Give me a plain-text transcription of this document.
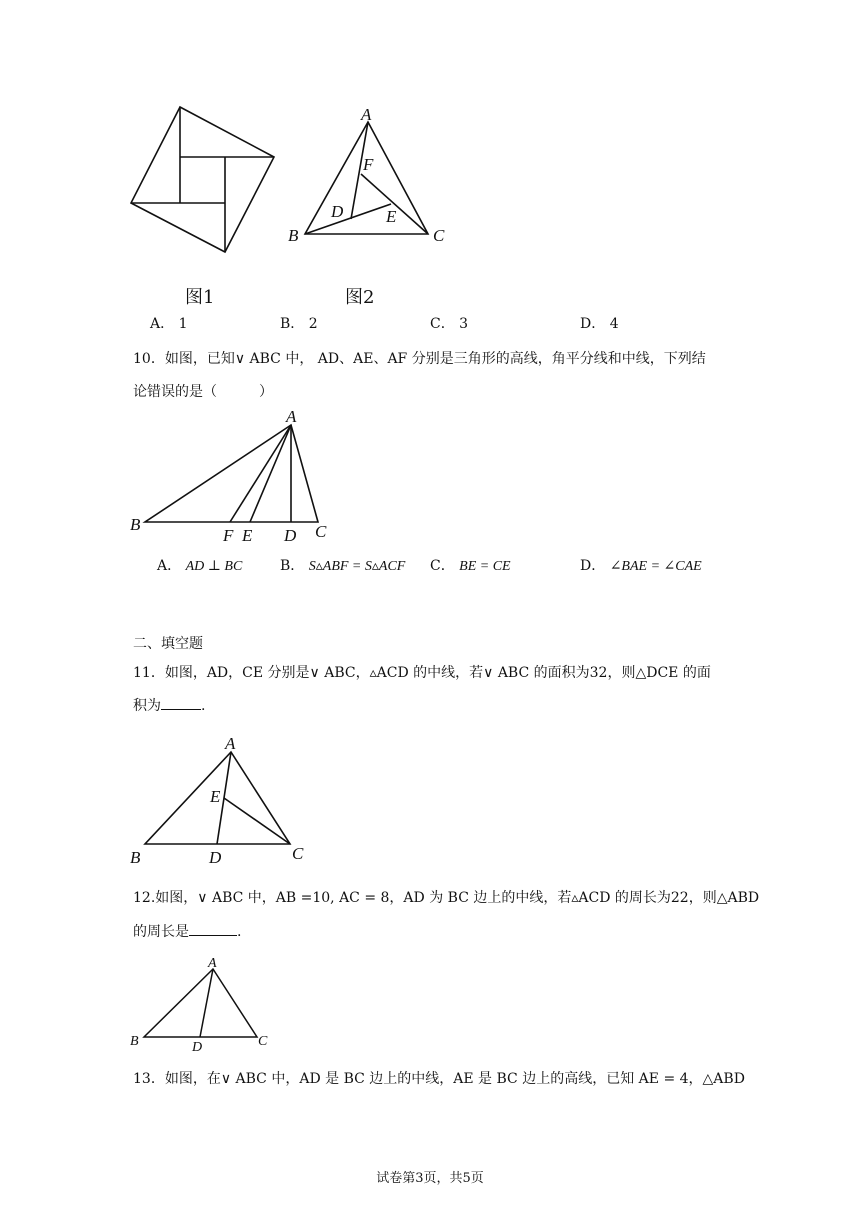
A
F
D	E
B	C
图1	图2
A． 1	B． 2	C． 3	D． 4
10．如图，已知∨ ABC 中， AD、AE、AF 分别是三角形的高线，角平分线和中线，下列结
论错误的是（　　　）
A
B
F E D C
A． AD ⊥ BC	B． S▵ABF = S▵ACF C． BE = CE	D． ∠BAE = ∠CAE
二、填空题
11．如图，AD，CE 分别是∨ ABC，▵ACD 的中线，若∨ ABC 的面积为32，则△DCE 的面
积为	.
A
E
B	D	C
12.如图，∨ ABC 中，AB =10, AC = 8，AD 为 BC 边上的中线，若▵ACD 的周长为22，则△ABD
的周长是	.
A
B	D	C
13．如图，在∨ ABC 中，AD 是 BC 边上的中线，AE 是 BC 边上的高线，已知 AE = 4，△ABD
试卷第3页，共5页
